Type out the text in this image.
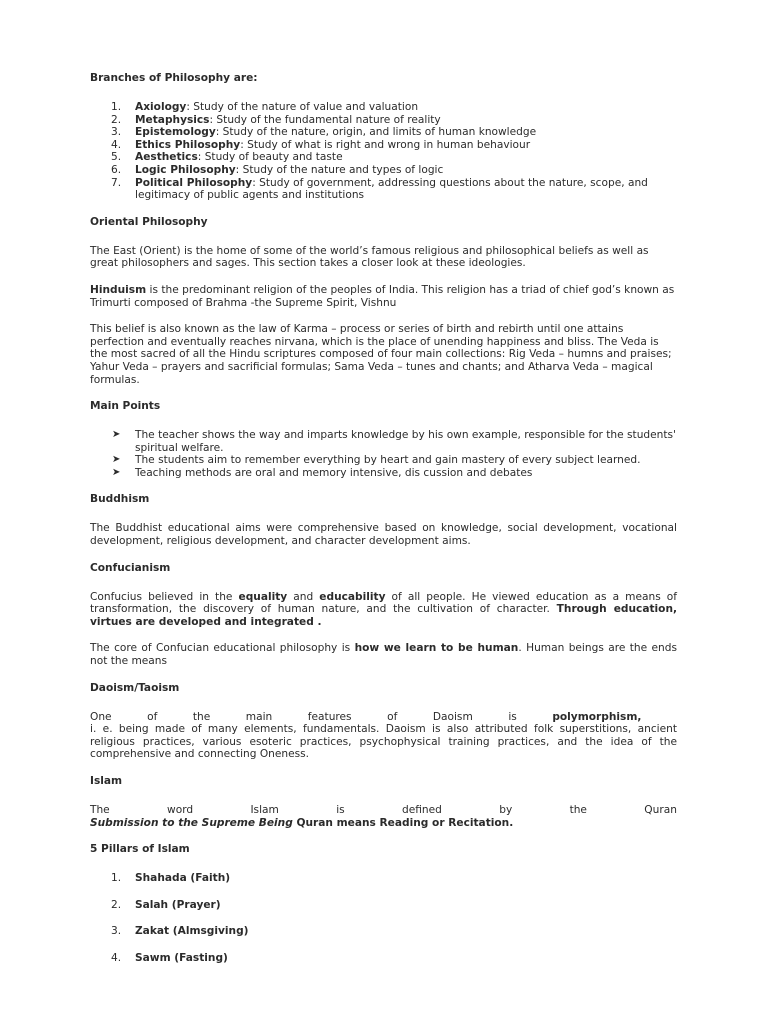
Branches of Philosophy are:
1. Axiology: Study of the nature of value and valuation
2. Metaphysics: Study of the fundamental nature of reality
3. Epistemology: Study of the nature, origin, and limits of human knowledge
4. Ethics Philosophy: Study of what is right and wrong in human behaviour
5. Aesthetics: Study of beauty and taste
6. Logic Philosophy: Study of the nature and types of logic
7. Political Philosophy: Study of government, addressing questions about the nature, scope, and legitimacy of public agents and institutions
Oriental Philosophy

The East (Orient) is the home of some of the world’s famous religious and philosophical beliefs as well as great philosophers and sages. This section takes a closer look at these ideologies.

Hinduism is the predominant religion of the peoples of India. This religion has a triad of chief god’s known as Trimurti composed of Brahma -the Supreme Spirit, Vishnu

This belief is also known as the law of Karma – process or series of birth and rebirth until one attains perfection and eventually reaches nirvana, which is the place of unending happiness and bliss. The Veda is the most sacred of all the Hindu scriptures composed of four main collections: Rig Veda – humns and praises; Yahur Veda – prayers and sacrificial formulas; Sama Veda – tunes and chants; and Atharva Veda – magical formulas.

Main Points
➤ The teacher shows the way and imparts knowledge by his own example, responsible for the students' spiritual welfare.
➤ The students aim to remember everything by heart and gain mastery of every subject learned.
➤ Teaching methods are oral and memory intensive, dis cussion and debates
Buddhism

The Buddhist educational aims were comprehensive based on knowledge, social development, vocational development, religious development, and character development aims.

Confucianism

Confucius believed in the equality and educability of all people. He viewed education as a means of transformation, the discovery of human nature, and the cultivation of character. Through education, virtues are developed and integrated .

The core of Confucian educational philosophy is how we learn to be human. Human beings are the ends not the means

Daoism/Taoism
One	of	the	main	features	of	Daoism	is	polymorphism,
i. e. being made of many elements, fundamentals. Daoism is also attributed folk superstitions, ancient religious practices, various esoteric practices, psychophysical training practices, and the idea of the comprehensive and connecting Oneness.
Islam
The	word	Islam	is	defined	by	the	Quran
Submission to the Supreme Being Quran means Reading or Recitation.
5 Pillars of Islam
1. Shahada (Faith)
2. Salah (Prayer)
3. Zakat (Almsgiving)
4. Sawm (Fasting)
